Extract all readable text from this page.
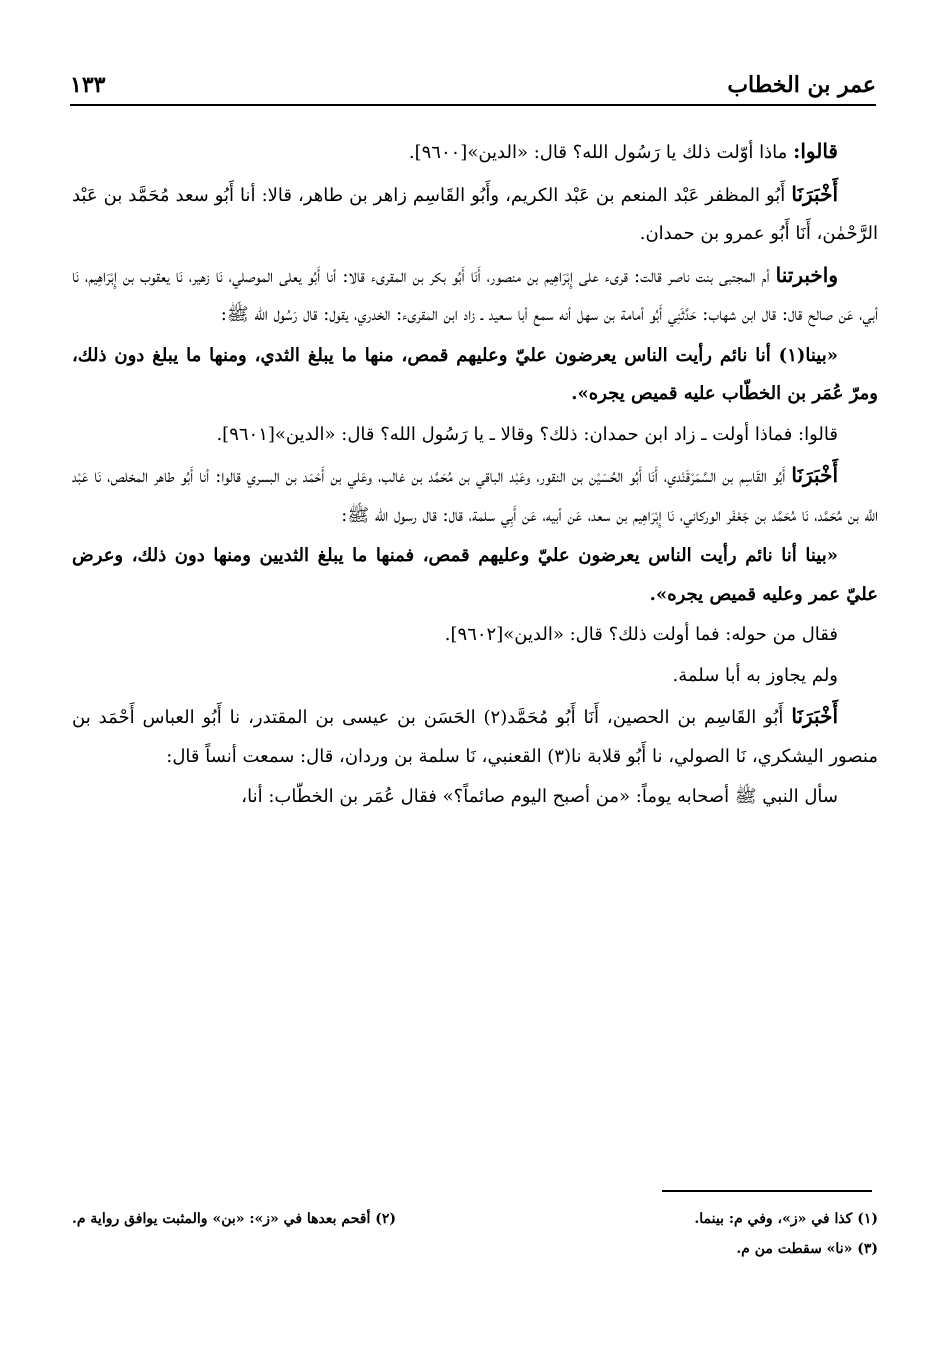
عمر بن الخطاب
١٣٣

قالوا: ماذا أوّلت ذلك يا رَسُول الله؟ قال: «الدين»[٩٦٠٠].

أَخْبَرَنَا أَبُو المظفر عَبْد المنعم بن عَبْد الكريم، وأَبُو القَاسِم زاهر بن طاهر، قالا: أنا أَبُو سعد مُحَمَّد بن عَبْد الرَّحْمٰن، أَنَا أَبُو عمرو بن حمدان.

واخبرتنا أم المجتبى بنت ناصر قالت: قرىء على إِبْرَاهِيم بن منصور، أَنَا أَبُو بكر بن المقرىء قالا: أنا أَبُو يعلى الموصلي، نَا زهير، نَا يعقوب بن إِبْرَاهِيم، نَا أبي، عَن صالح قال: قال ابن شهاب: حَدَّثَنِي أَبُو أمامة بن سهل أنه سمع أبا سعيد ـ زاد ابن المقرىء: الخدري، يقول: قال رَسُول الله ﷺ:

«بينا(١) أنا نائم رأيت الناس يعرضون عليّ وعليهم قمص، منها ما يبلغ الثدي، ومنها ما يبلغ دون ذلك، ومرّ عُمَر بن الخطّاب عليه قميص يجره».

قالوا: فماذا أولت ـ زاد ابن حمدان: ذلك؟ وقالا ـ يا رَسُول الله؟ قال: «الدين»[٩٦٠١].

أَخْبَرَنَا أَبُو القَاسِم بن السَّمَرْقَنْدي، أَنَا أَبُو الحُسَيْن بن النقور، وعَبْد الباقي بن مُحَمَّد بن غالب، وعَلي بن أَحْمَد بن البسري قالوا: أنا أَبُو طاهر المخلص، نَا عَبْد اللَّه بن مُحَمَّد، نَا مُحَمَّد بن جَعْفَر الوركاني، نَا إِبْرَاهِيم بن سعد، عَن أبيه، عَن أَبِي سلمة، قال: قال رسول الله ﷺ:

«بينا أنا نائم رأيت الناس يعرضون عليّ وعليهم قمص، فمنها ما يبلغ الثديين ومنها دون ذلك، وعرض عليّ عمر وعليه قميص يجره».

فقال من حوله: فما أولت ذلك؟ قال: «الدين»[٩٦٠٢].

ولم يجاوز به أبا سلمة.

أَخْبَرَنَا أَبُو القَاسِم بن الحصين، أَنَا أَبُو مُحَمَّد(٢) الحَسَن بن عيسى بن المقتدر، نا أَبُو العباس أَحْمَد بن منصور اليشكري، نَا الصولي، نا أَبُو قلابة نا(٣) القعنبي، نَا سلمة بن وردان، قال: سمعت أنساً قال:

سأل النبي ﷺ أصحابه يوماً: «من أصبح اليوم صائماً؟» فقال عُمَر بن الخطّاب: أنا،

(١) كذا في «ز»، وفي م: بينما.
(٢) أقحم بعدها في «ز»: «بن» والمثبت يوافق رواية م.
(٣) «نا» سقطت من م.
